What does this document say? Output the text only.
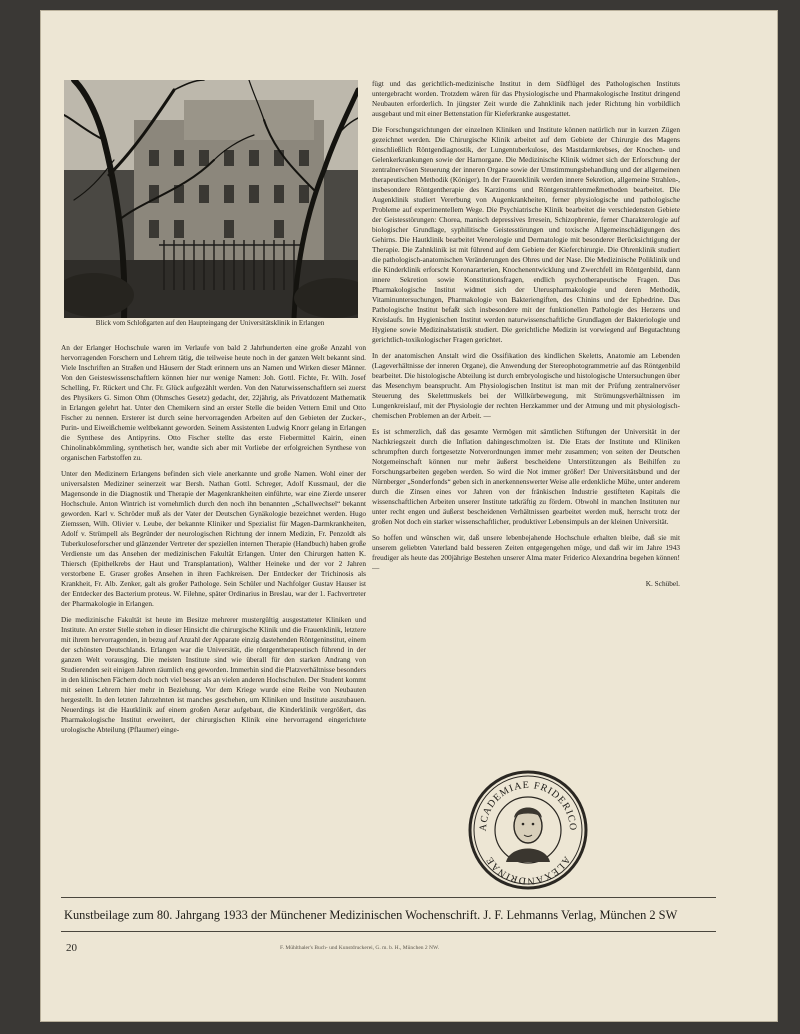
Blick vom Schloßgarten auf den Haupteingang der Universitätsklinik in Erlangen

An der Erlanger Hochschule waren im Verlaufe von bald 2 Jahrhunderten eine große Anzahl von hervorragenden Forschern und Lehrern tätig, die teilweise heute noch in der ganzen Welt bekannt sind. Viele Inschriften an Straßen und Häusern der Stadt erinnern uns an Namen und Wirken dieser Männer. Von den Geisteswissenschaftlern können hier nur wenige Namen: Joh. Gottl. Fichte, Fr. Wilh. Josef Schelling, Fr. Rückert und Chr. Fr. Glück aufgezählt werden. Von den Naturwissenschaftlern sei zuerst des Physikers G. Simon Ohm (Ohmsches Gesetz) gedacht, der, 22jährig, als Privatdozent Mathematik in Erlangen gelehrt hat. Unter den Chemikern sind an erster Stelle die beiden Vettern Emil und Otto Fischer zu nennen. Ersterer ist durch seine hervorragenden Arbeiten auf den Gebieten der Zucker-, Purin- und Eiweißchemie weltbekannt geworden. Seinem Assistenten Ludwig Knorr gelang in Erlangen die Synthese des Antipyrins. Otto Fischer stellte das erste Fiebermittel Kairin, einen Chinolinabkömmling, synthetisch her, wandte sich aber mit Vorliebe der erfolgreichen Synthese von organischen Farbstoffen zu.

Unter den Medizinern Erlangens befinden sich viele anerkannte und große Namen. Wohl einer der universalsten Mediziner seinerzeit war Bersh. Nathan Gottl. Schreger, Adolf Kussmaul, der die Magensonde in die Diagnostik und Therapie der Magenkrankheiten einführte, war eine Zierde unserer Hochschule. Anton Wintrich ist vornehmlich durch den noch ihn benannten „Schallwechsel“ bekannt geworden. Karl v. Schröder muß als der Vater der Deutschen Gynäkologie bezeichnet werden. Hugo Ziemssen, Wilh. Olivier v. Leube, der bekannte Kliniker und Spezialist für Magen-Darmkrankheiten, Adolf v. Strümpell als Begründer der neurologischen Richtung der innern Medizin, Fr. Penzoldt als Tuberkuloseforscher und glänzender Vertreter der speziellen internen Therapie (Handbuch) haben große Verdienste um das Ansehen der medizinischen Fakultät Erlangen. Unter den Chirurgen hatten K. Thiersch (Epithelkrebs der Haut und Transplantation), Walther Heineke und der vor 2 Jahren verstorbene E. Graser großes Ansehen in ihren Fachkreisen. Der Entdecker der Trichinosis als Krankheit, Fr. Alb. Zenker, galt als großer Pathologe. Sein Schüler und Nachfolger Gustav Hauser ist der Entdecker des Bacterium proteus. W. Filehne, später Ordinarius in Breslau, war der 1. Fachvertreter der Pharmakologie in Erlangen.

Die medizinische Fakultät ist heute im Besitze mehrerer mustergültig ausgestatteter Kliniken und Institute. An erster Stelle stehen in dieser Hinsicht die chirurgische Klinik und die Frauenklinik, letztere mit ihrem hervorragenden, in bezug auf Anzahl der Apparate einzig dastehenden Röntgeninstitut, einem der schönsten Deutschlands. Erlangen war die Universität, die röntgentherapeutisch führend in der ganzen Welt vorausging. Die meisten Institute sind wie überall für den starken Andrang von Studierenden seit einigen Jahren räumlich eng geworden. Immerhin sind die Platzverhältnisse besonders in den klinischen Fächern doch noch viel besser als an vielen anderen Hochschulen. Der Student kommt mit seinen Lehrern hier mehr in Beziehung. Vor dem Kriege wurde eine Reihe von Neubauten hergestellt. In den letzten Jahrzehnten ist manches geschehen, um Kliniken und Institute auszubauen. Neuerdings ist die Hautklinik auf einem großen Aerar aufgebaut, die Kinderklinik vergrößert, das Pharmakologische Institut erweitert, der chirurgischen Klinik eine hervorragend eingerichtete urologische Abteilung (Pflaumer) einge-

fügt und das gerichtlich-medizinische Institut in dem Südflügel des Pathologischen Instituts untergebracht worden. Trotzdem wären für das Physiologische und Pharmakologische Institut dringend Neubauten erforderlich. In jüngster Zeit wurde die Zahnklinik nach jeder Richtung hin vorbildlich ausgebaut und mit einer Bettenstation für Kieferkranke ausgestattet.

Die Forschungsrichtungen der einzelnen Kliniken und Institute können natürlich nur in kurzen Zügen gezeichnet werden. Die Chirurgische Klinik arbeitet auf dem Gebiete der Chirurgie des Magens einschließlich Röntgendiagnostik, der Lungentuberkulose, des Mastdarmkrebses, der Knochen- und Gelenkerkrankungen sowie der Harnorgane. Die Medizinische Klinik widmet sich der Erforschung der zentralnervösen Steuerung der inneren Organe sowie der Umstimmungsbehandlung und der allgemeinen therapeutischen Methodik (Königer). In der Frauenklinik werden innere Sekretion, allgemeine Strahlen-, insbesondere Röntgentherapie des Karzinoms und Röntgenstrahlenmeßmethoden bearbeitet. Die Augenklinik studiert Vererbung von Augenkrankheiten, ferner physiologische und pathologische Probleme auf experimentellem Wege. Die Psychiatrische Klinik bearbeitet die verschiedensten Gebiete der Geistesstörungen: Chorea, manisch depressives Irresein, Schizophrenie, ferner Charakterologie auf biologischer Grundlage, syphilitische Geistesstörungen und toxische Allgemeinschädigungen des Gehirns. Die Hautklinik bearbeitet Venerologie und Dermatologie mit besonderer Berücksichtigung der Therapie. Die Zahnklinik ist mit führend auf dem Gebiete der Kieferchirurgie. Die Ohrenklinik studiert die pathologisch-anatomischen Veränderungen des Ohres und der Nase. Die Medizinische Poliklinik und die Kinderklinik erforscht Koronararterien, Knochenentwicklung und Zwerchfell im Röntgenbild, dann innere Sekretion sowie Konstitutionsfragen, endlich psychotherapeutische Fragen. Das Pharmakologische Institut widmet sich der Uteruspharmakologie und deren Methodik, Vitaminuntersuchungen, Pharmakologie von Bakteriengiften, des Chinins und der Ephedrine. Das Pathologische Institut befaßt sich insbesondere mit der funktionellen Pathologie des Herzens und Kreislaufs. Im Hygienischen Institut werden naturwissenschaftliche Grundlagen der Bakteriologie und Hygiene sowie Medizinalstatistik studiert. Die gerichtliche Medizin ist vorwiegend auf Begutachtung gerichtlich-toxikologischer Fragen gerichtet.

In der anatomischen Anstalt wird die Ossifikation des kindlichen Skeletts, Anatomie am Lebenden (Lageverhältnisse der inneren Organe), die Anwendung der Stereophotogrammetrie auf das Röntgenbild bearbeitet. Die histologische Abteilung ist durch embryologische und histologische Untersuchungen über das Mesenchym beansprucht. Am Physiologischen Institut ist man mit der Prüfung zentralnervöser Steuerung des Skelettmuskels bei der Willkürbewegung, mit Strömungsverhältnissen im Lungenkreislauf, mit der Physiologie der rechten Herzkammer und der Atmung und mit physiologisch-chemischen Problemen an der Arbeit. —

Es ist schmerzlich, daß das gesamte Vermögen mit sämtlichen Stiftungen der Universität in der Nachkriegszeit durch die Inflation dahingeschmolzen ist. Die Etats der Institute und Kliniken schrumpften durch fortgesetzte Notverordnungen immer mehr zusammen; von seiten der Deutschen Notgemeinschaft können nur mehr äußerst bescheidene Unterstützungen als Beihilfen zu Forschungsarbeiten gegeben werden. So wird die Not immer größer! Der Universitätsbund und der Nürnberger „Sonderfonds“ geben sich in anerkennenswerter Weise alle erdenkliche Mühe, unter anderem durch die Zinsen eines vor Jahren von der fränkischen Industrie gestifteten Kapitals die wissenschaftlichen Arbeiten unserer Institute tatkräftig zu fördern. Obwohl in manchen Instituten nur unter recht engen und äußerst bescheidenen Verhältnissen gearbeitet werden muß, herrscht trotz der großen Not doch ein starker wissenschaftlicher, produktiver Lebensimpuls an der kleinen Universität.

So hoffen und wünschen wir, daß unsere lebenbejahende Hochschule erhalten bleibe, daß sie mit unserem geliebten Vaterland bald besseren Zeiten entgegengehen möge, und daß wir im Jahre 1943 freudiger als heute das 200jährige Bestehen unserer Alma mater Friderico Alexandrina begehen können! —

K. Schübel.
ACADEMIAE FRIDERICO
ALEXANDRINAE
Kunstbeilage zum 80. Jahrgang 1933 der Münchener Medizinischen Wochenschrift. J. F. Lehmanns Verlag, München 2 SW
20	F. Mühlthaler's Buch- und Kunstdruckerei, G. m. b. H., München 2 NW.
